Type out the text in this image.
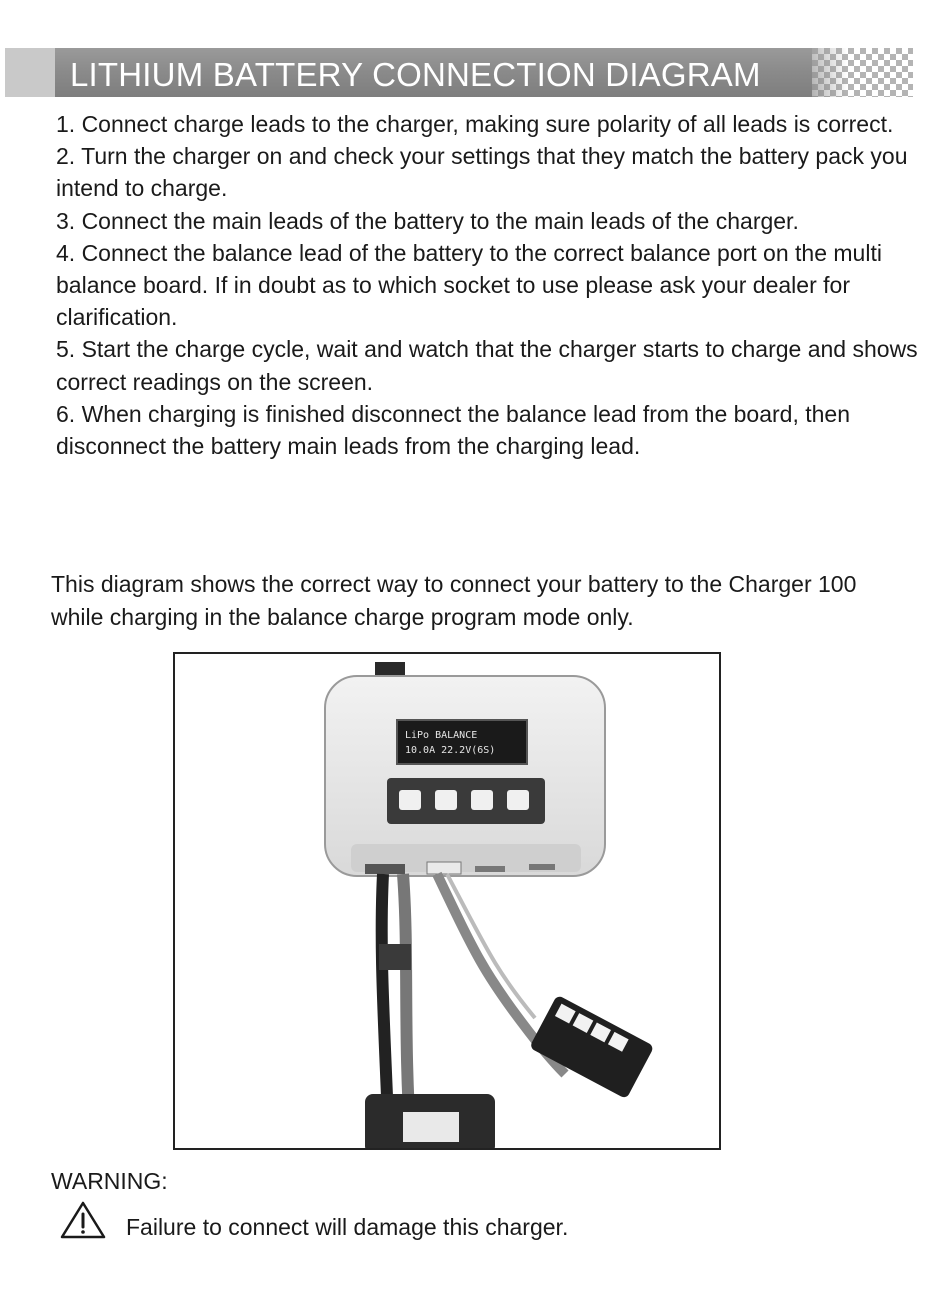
LITHIUM BATTERY CONNECTION DIAGRAM
1. Connect charge leads to the charger, making sure polarity of all leads is correct.
2. Turn the charger on and check your settings that they match the battery pack you intend to charge.
3. Connect the main leads of the battery to the main leads of the charger.
4. Connect the balance lead of the battery to the correct balance port on the multi balance board. If in doubt as to which socket to use please ask your dealer for clarification.
5. Start the charge cycle, wait and watch that the charger starts to charge and shows correct readings on the screen.
6. When charging is finished disconnect the balance lead from the board, then disconnect the battery main leads from the charging lead.

This diagram shows the correct way to connect your battery to the Charger 100 while charging in the balance charge program mode only.

LiPo BALANCE
10.0A 22.2V(6S)

WARNING:

Failure to connect will damage this charger.
